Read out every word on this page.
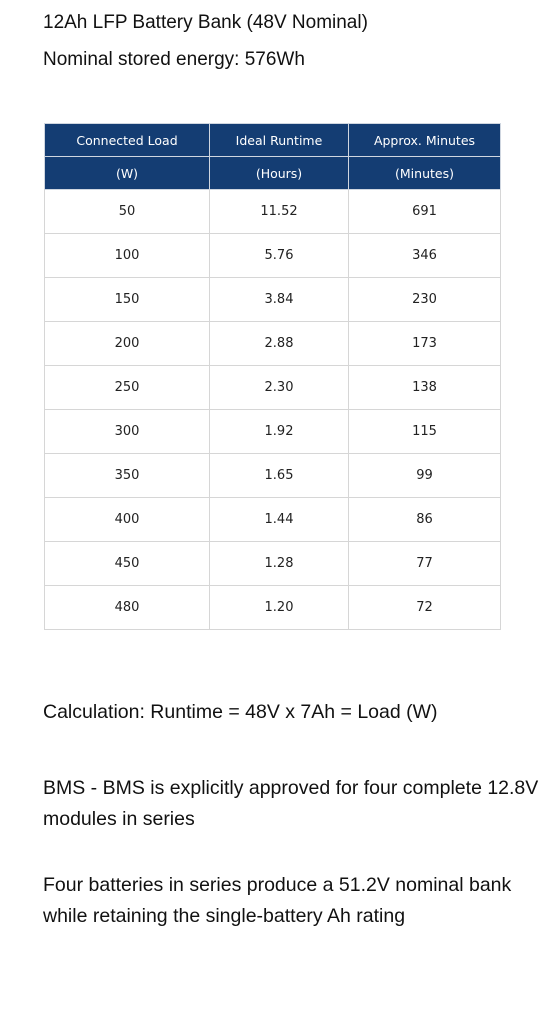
12Ah LFP Battery Bank (48V Nominal)
Nominal stored energy: 576Wh
Connected Load	Ideal Runtime	Approx. Minutes
(W)	(Hours)	(Minutes)
50	11.52	691
100	5.76	346
150	3.84	230
200	2.88	173
250	2.30	138
300	1.92	115
350	1.65	99
400	1.44	86
450	1.28	77
480	1.20	72
Calculation: Runtime = 48V x 7Ah = Load (W)
BMS - BMS is explicitly approved for four complete 12.8V modules in series
Four batteries in series produce a 51.2V nominal bank while retaining the single-battery Ah rating
